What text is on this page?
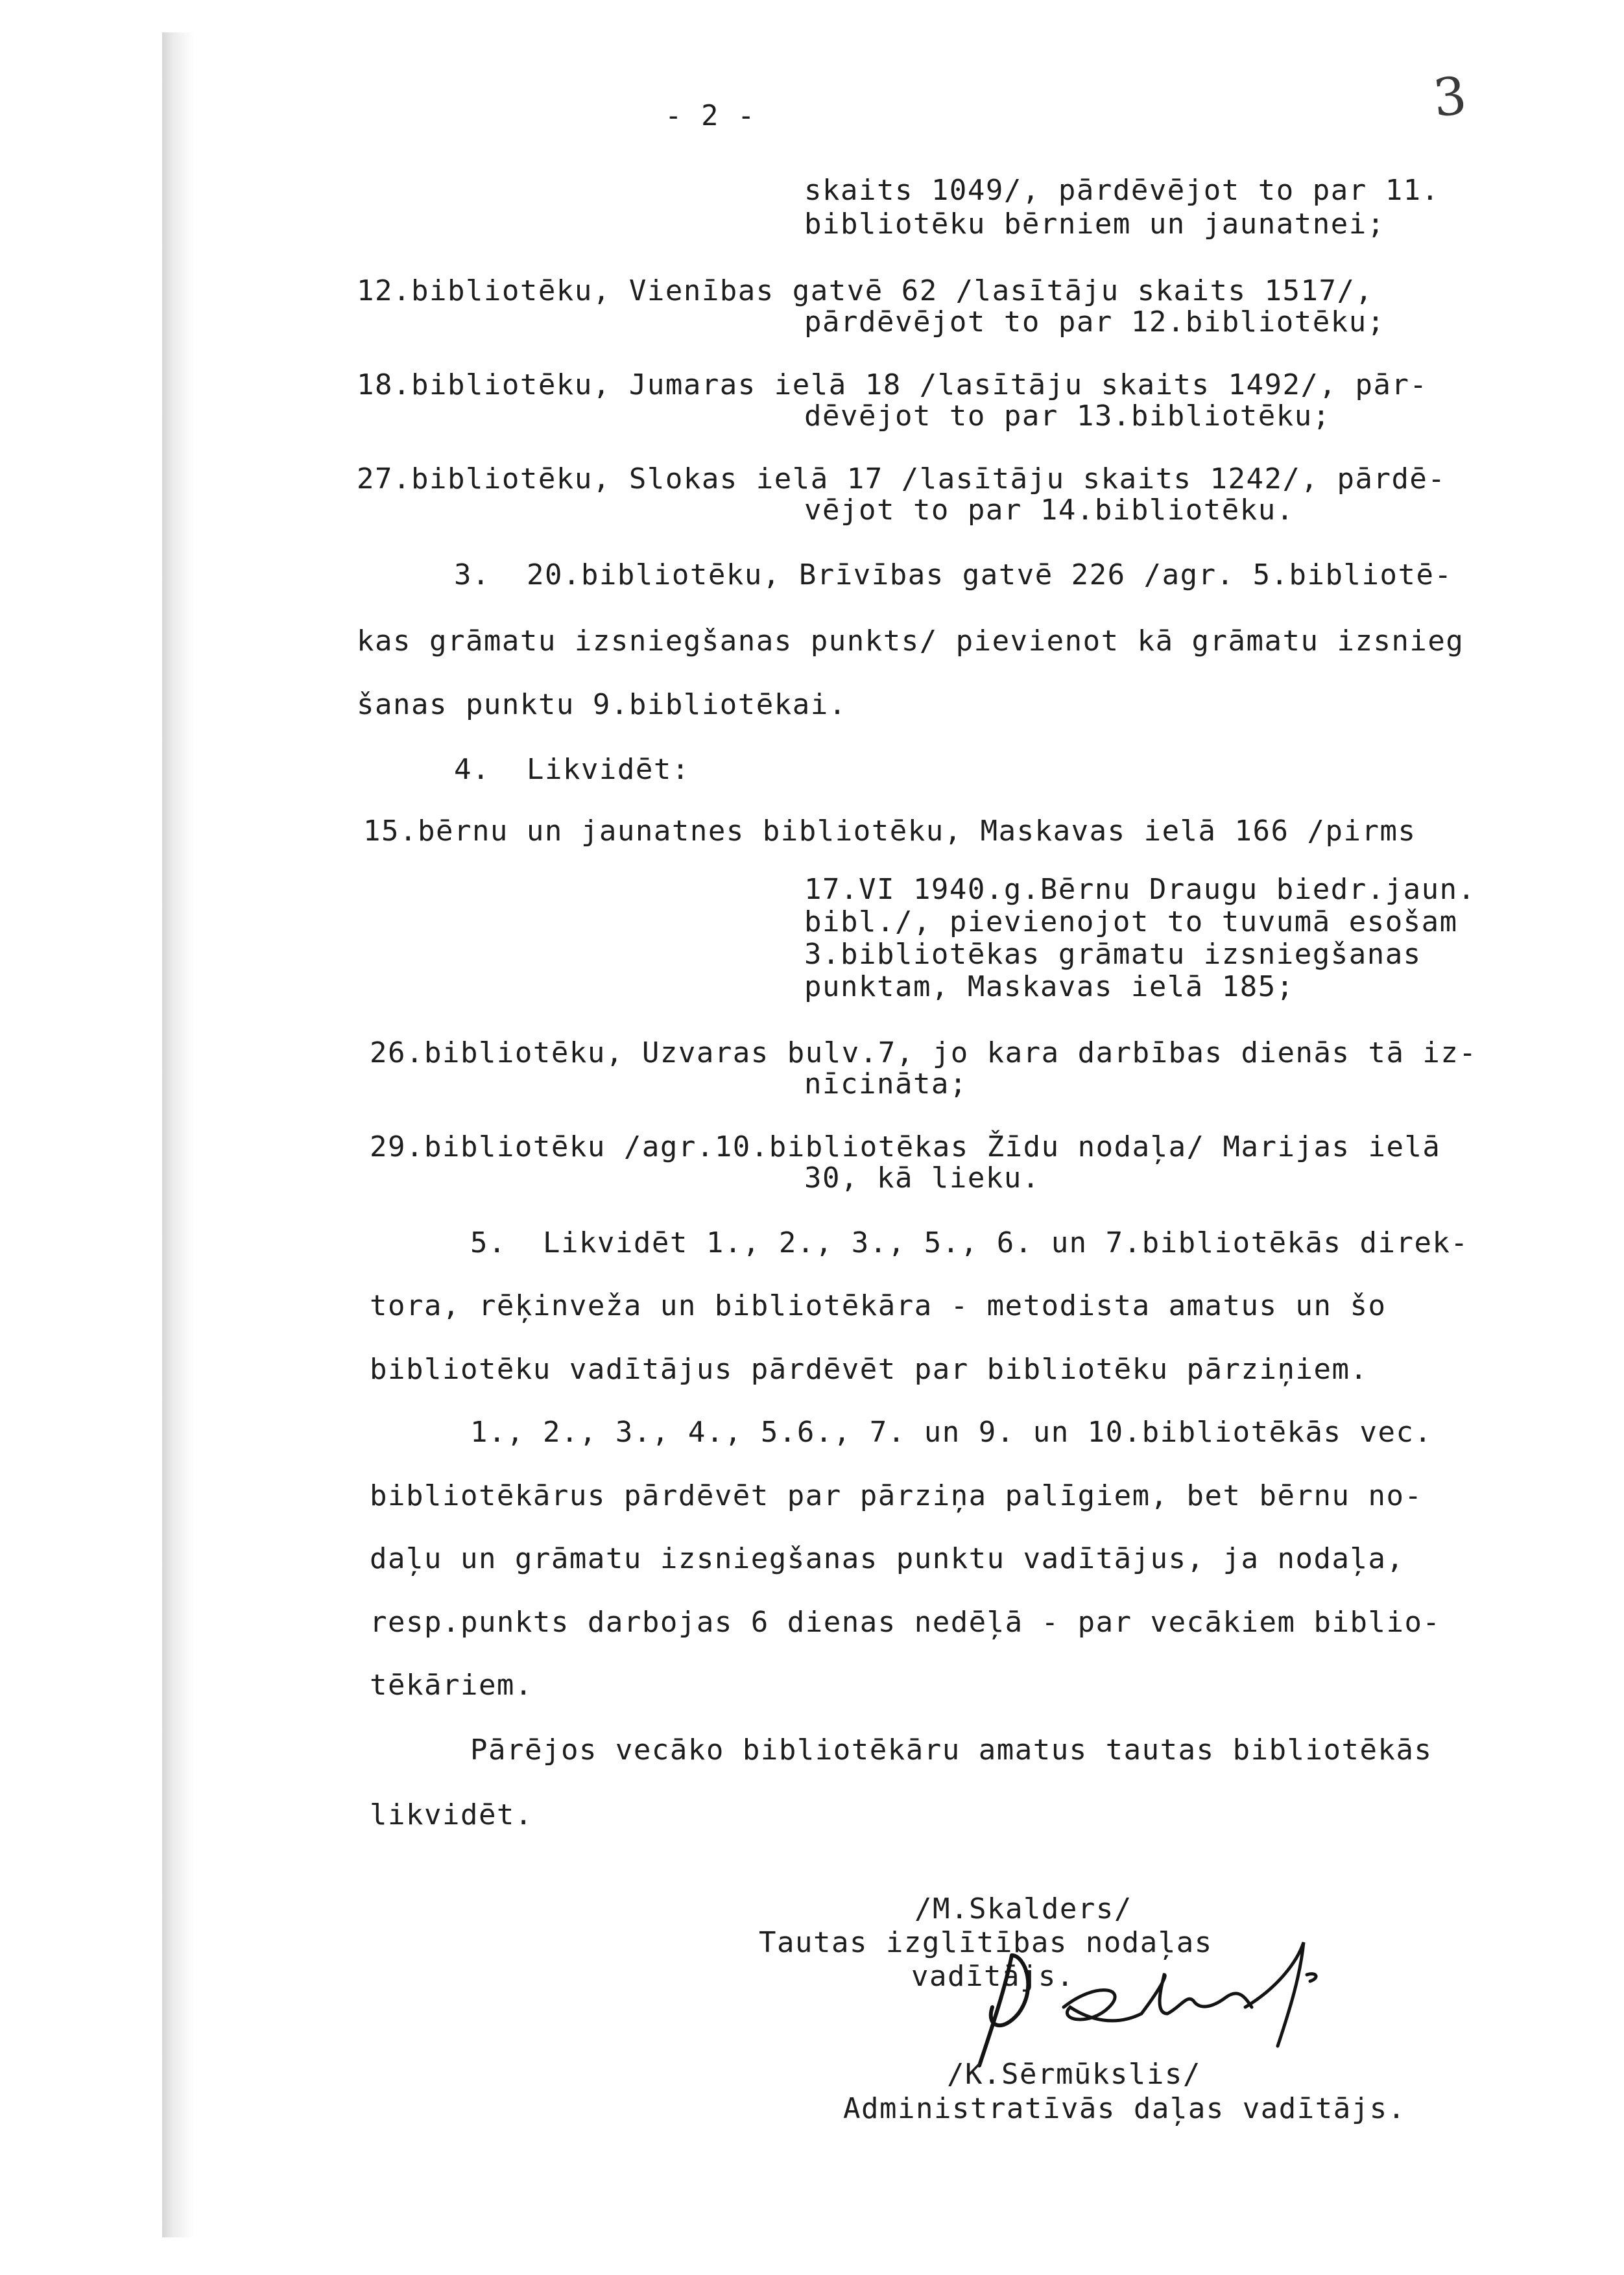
- 2 -	3
skaits 1049/, pārdēvējot to par 11.
bibliotēku bērniem un jaunatnei;
12.bibliotēku, Vienības gatvē 62 /lasītāju skaits 1517/,
pārdēvējot to par 12.bibliotēku;
18.bibliotēku, Jumaras ielā 18 /lasītāju skaits 1492/, pār-
dēvējot to par 13.bibliotēku;
27.bibliotēku, Slokas ielā 17 /lasītāju skaits 1242/, pārdē-
vējot to par 14.bibliotēku.
3.  20.bibliotēku, Brīvības gatvē 226 /agr. 5.bibliotē-
kas grāmatu izsniegšanas punkts/ pievienot kā grāmatu izsnieg
šanas punktu 9.bibliotēkai.
4.  Likvidēt:
15.bērnu un jaunatnes bibliotēku, Maskavas ielā 166 /pirms
17.VI 1940.g.Bērnu Draugu biedr.jaun.
bibl./, pievienojot to tuvumā esošam
3.bibliotēkas grāmatu izsniegšanas
punktam, Maskavas ielā 185;
26.bibliotēku, Uzvaras bulv.7, jo kara darbības dienās tā iz-
nīcināta;
29.bibliotēku /agr.10.bibliotēkas Žīdu nodaļa/ Marijas ielā
30, kā lieku.
5.  Likvidēt 1., 2., 3., 5., 6. un 7.bibliotēkās direk-
tora, rēķinveža un bibliotēkāra - metodista amatus un šo
bibliotēku vadītājus pārdēvēt par bibliotēku pārziņiem.
1., 2., 3., 4., 5.6., 7. un 9. un 10.bibliotēkās vec.
bibliotēkārus pārdēvēt par pārziņa palīgiem, bet bērnu no-
daļu un grāmatu izsniegšanas punktu vadītājus, ja nodaļa,
resp.punkts darbojas 6 dienas nedēļā - par vecākiem biblio-
tēkāriem.
Pārējos vecāko bibliotēkāru amatus tautas bibliotēkās
likvidēt.
/M.Skalders/
Tautas izglītības nodaļas
vadītājs.
/K.Sērmūkslis/
Administratīvās daļas vadītājs.
